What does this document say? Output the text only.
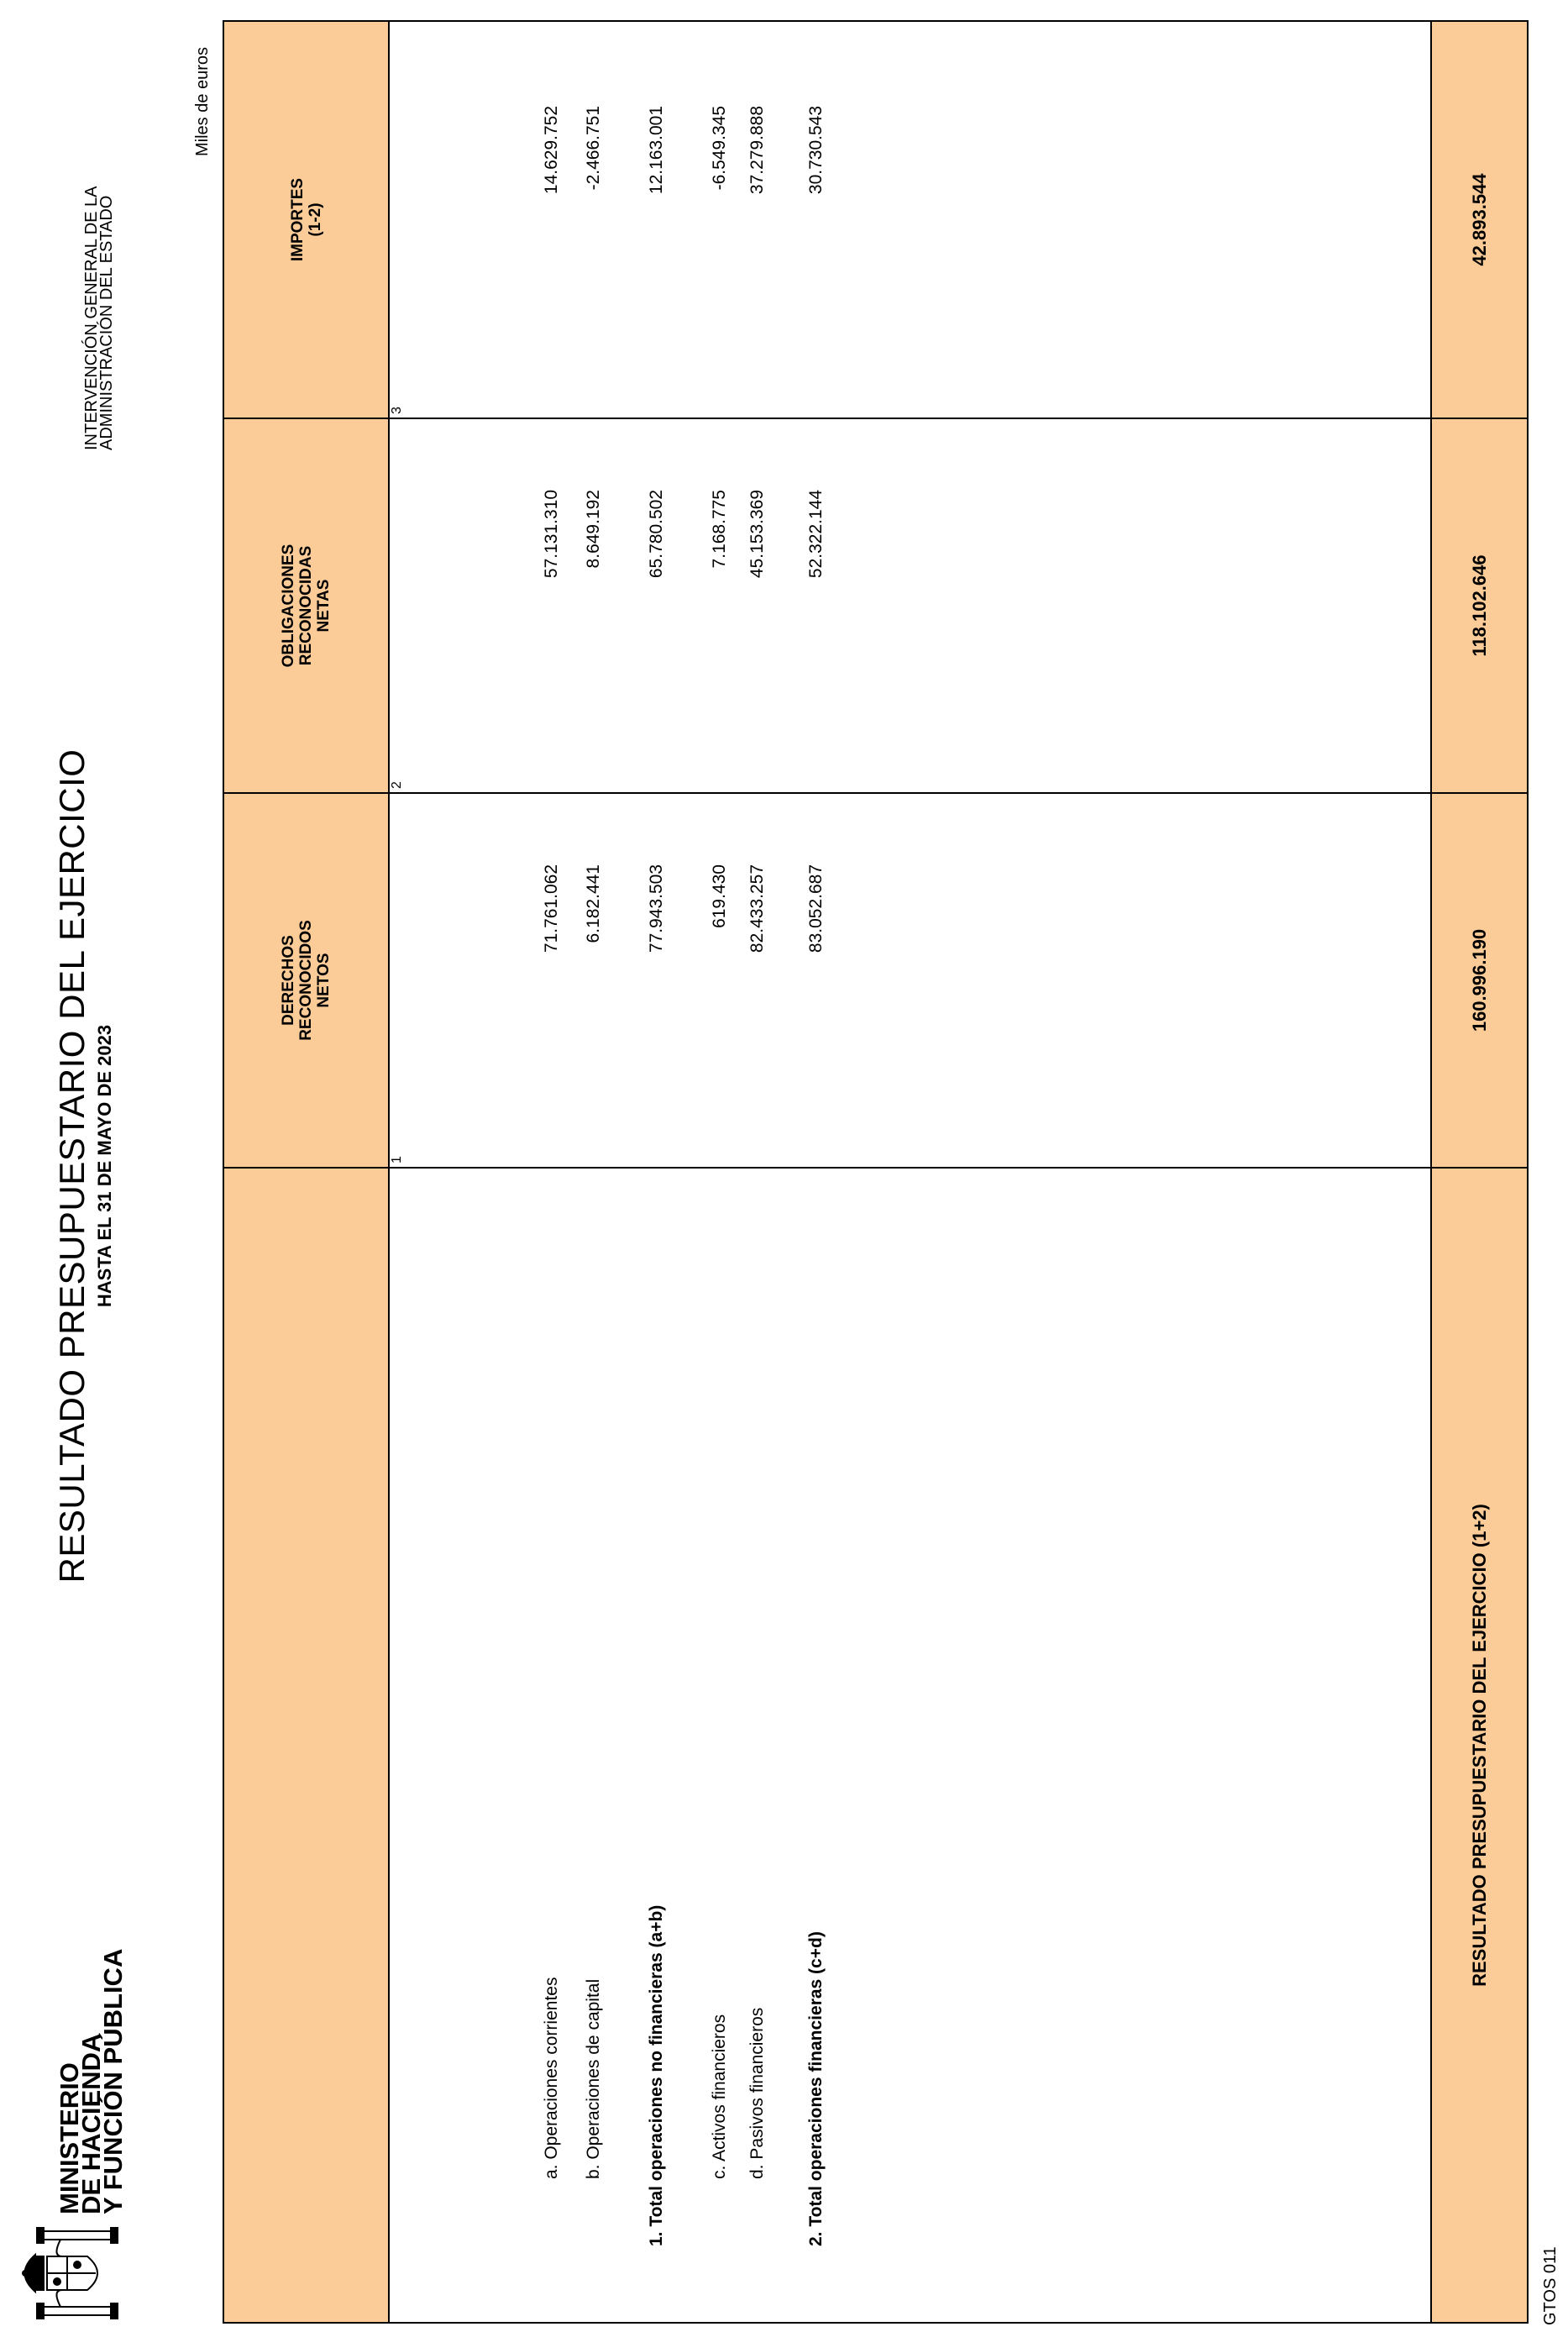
MINISTERIO
DE HACIENDA
Y FUNCIÓN PÚBLICA
RESULTADO PRESUPUESTARIO DEL EJERCICIO HASTA EL 31 DE MAYO DE 2023
INTERVENCIÓN GENERAL DE LA
ADMINISTRACIÓN DEL ESTADO
Miles de euros
GTOS 011
DERECHOS RECONOCIDOS NETOS
OBLIGACIONES RECONOCIDAS NETAS
IMPORTES (1-2)
1
2
3
a. Operaciones corrientes
71.761.062
57.131.310
14.629.752
b. Operaciones de capital
6.182.441
8.649.192
-2.466.751
1. Total operaciones no financieras (a+b)
77.943.503
65.780.502
12.163.001
c. Activos financieros
619.430
7.168.775
-6.549.345
d. Pasivos financieros
82.433.257
45.153.369
37.279.888
2. Total operaciones financieras (c+d)
83.052.687
52.322.144
30.730.543
RESULTADO PRESUPUESTARIO DEL EJERCICIO (1+2)
160.996.190
118.102.646
42.893.544
